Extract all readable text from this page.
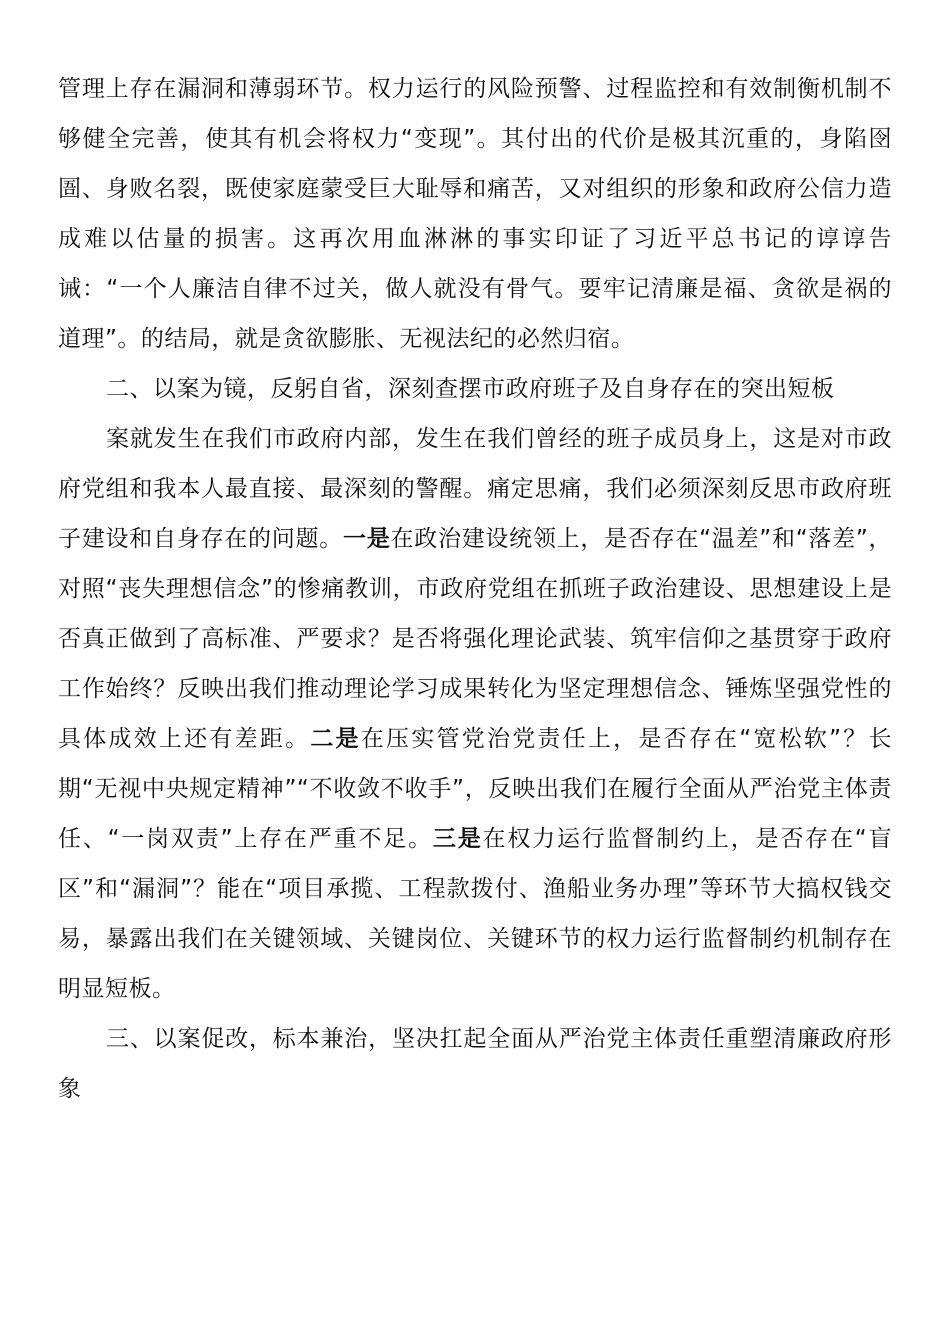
管理上存在漏洞和薄弱环节。权力运行的风险预警、过程监控和有效制衡机制不够健全完善，使其有机会将权力“变现”。其付出的代价是极其沉重的，身陷囹圄、身败名裂，既使家庭蒙受巨大耻辱和痛苦，又对组织的形象和政府公信力造成难以估量的损害。这再次用血淋淋的事实印证了习近平总书记的谆谆告诫：“一个人廉洁自律不过关，做人就没有骨气。要牢记清廉是福、贪欲是祸的道理”。的结局，就是贪欲膨胀、无视法纪的必然归宿。

二、以案为镜，反躬自省，深刻查摆市政府班子及自身存在的突出短板

案就发生在我们市政府内部，发生在我们曾经的班子成员身上，这是对市政府党组和我本人最直接、最深刻的警醒。痛定思痛，我们必须深刻反思市政府班子建设和自身存在的问题。一是在政治建设统领上，是否存在“温差”和“落差”，对照“丧失理想信念”的惨痛教训，市政府党组在抓班子政治建设、思想建设上是否真正做到了高标准、严要求？是否将强化理论武装、筑牢信仰之基贯穿于政府工作始终？反映出我们推动理论学习成果转化为坚定理想信念、锤炼坚强党性的具体成效上还有差距。二是在压实管党治党责任上，是否存在“宽松软”？长期“无视中央规定精神”“不收敛不收手”，反映出我们在履行全面从严治党主体责任、“一岗双责”上存在严重不足。三是在权力运行监督制约上，是否存在“盲区”和“漏洞”？能在“项目承揽、工程款拨付、渔船业务办理”等环节大搞权钱交易，暴露出我们在关键领域、关键岗位、关键环节的权力运行监督制约机制存在明显短板。

三、以案促改，标本兼治，坚决扛起全面从严治党主体责任重塑清廉政府形象
